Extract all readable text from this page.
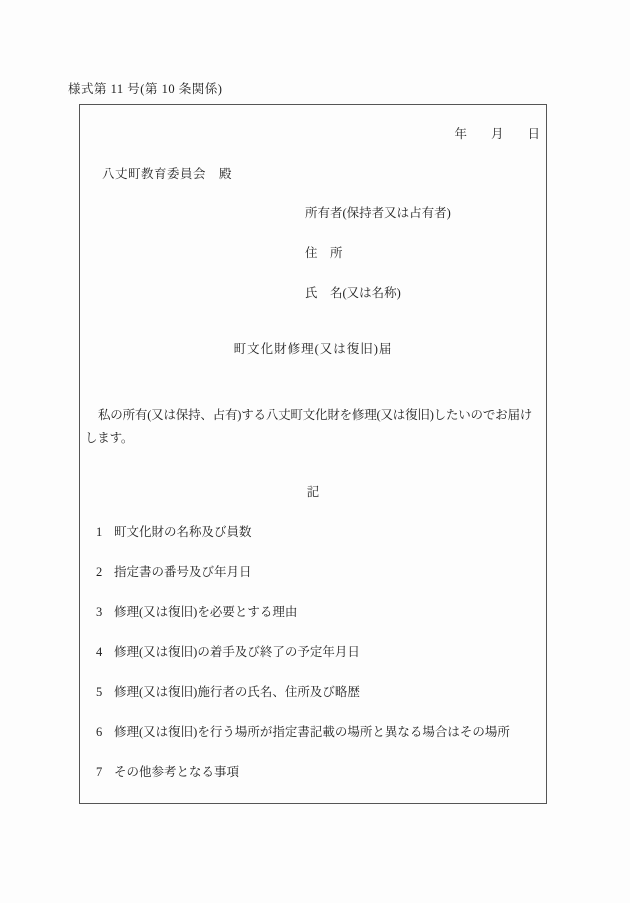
様式第 11 号(第 10 条関係)
年 月 日
八丈町教育委員会　殿
所有者(保持者又は占有者)
住　所
氏　名(又は名称)
町文化財修理(又は復旧)届
私の所有(又は保持、占有)する八丈町文化財を修理(又は復旧)したいのでお届けします。
記
1 町文化財の名称及び員数
2 指定書の番号及び年月日
3 修理(又は復旧)を必要とする理由
4 修理(又は復旧)の着手及び終了の予定年月日
5 修理(又は復旧)施行者の氏名、住所及び略歴
6 修理(又は復旧)を行う場所が指定書記載の場所と異なる場合はその場所
7 その他参考となる事項
